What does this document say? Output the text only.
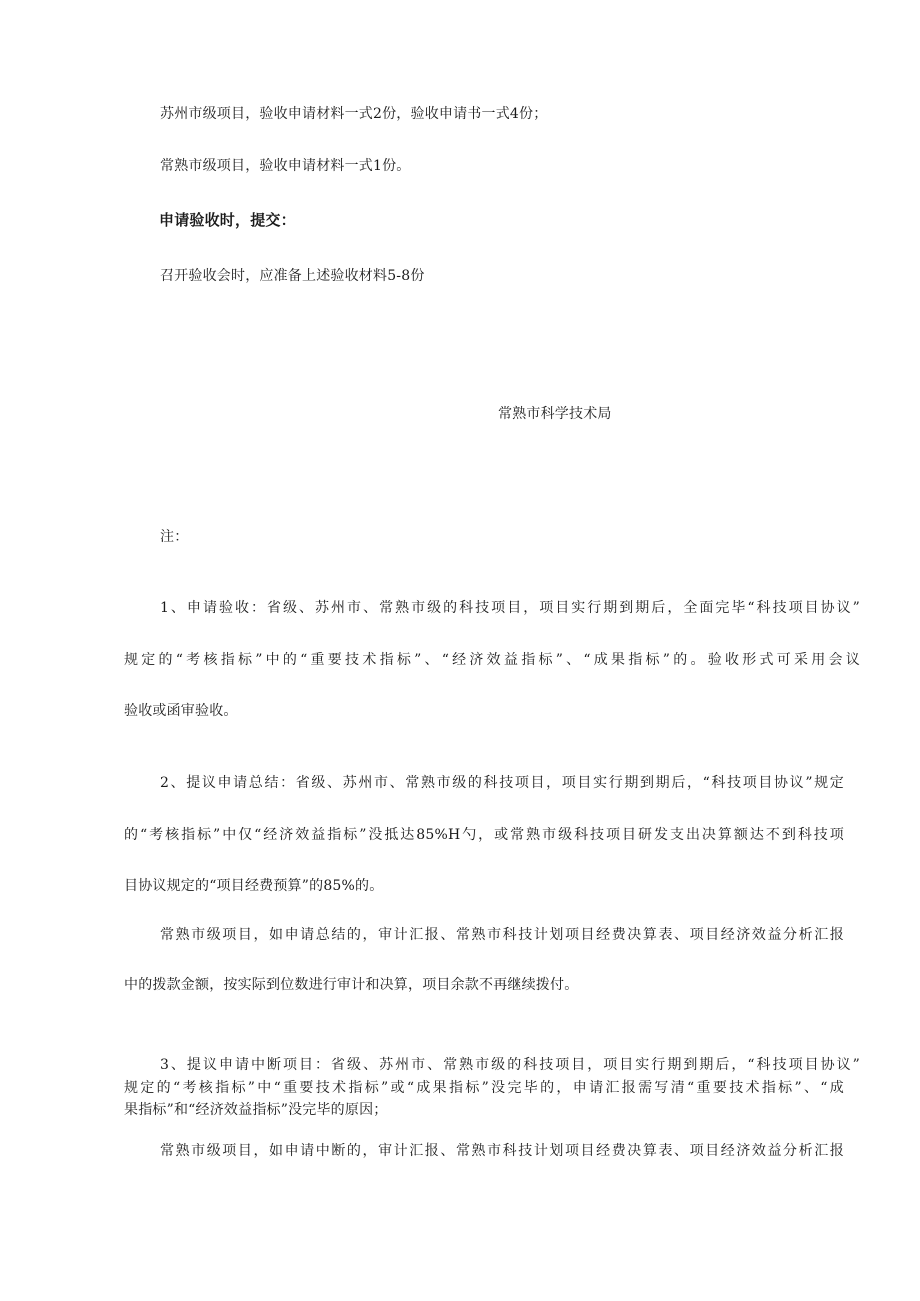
苏州市级项目，验收申请材料一式2份，验收申请书一式4份；
常熟市级项目，验收申请材料一式1份。
申请验收时，提交：
召开验收会时，应准备上述验收材料5-8份
常熟市科学技术局
注：
1、申请验收：省级、苏州市、常熟市级的科技项目，项目实行期到期后，全面完毕“科技项目协议”
规定的“考核指标”中的“重要技术指标”、“经济效益指标”、“成果指标”的。验收形式可采用会议
验收或函审验收。
2、提议申请总结：省级、苏州市、常熟市级的科技项目，项目实行期到期后，“科技项目协议”规定
的“考核指标”中仅“经济效益指标”没抵达85%H勺，或常熟市级科技项目研发支出决算额达不到科技项
目协议规定的“项目经费预算”的85%的。
常熟市级项目，如申请总结的，审计汇报、常熟市科技计划项目经费决算表、项目经济效益分析汇报
中的拨款金额，按实际到位数进行审计和决算，项目余款不再继续拨付。
3、提议申请中断项目：省级、苏州市、常熟市级的科技项目，项目实行期到期后，“科技项目协议”
规定的“考核指标”中“重要技术指标”或“成果指标”没完毕的，申请汇报需写清“重要技术指标”、“成
果指标”和“经济效益指标”没完毕的原因；
常熟市级项目，如申请中断的，审计汇报、常熟市科技计划项目经费决算表、项目经济效益分析汇报
